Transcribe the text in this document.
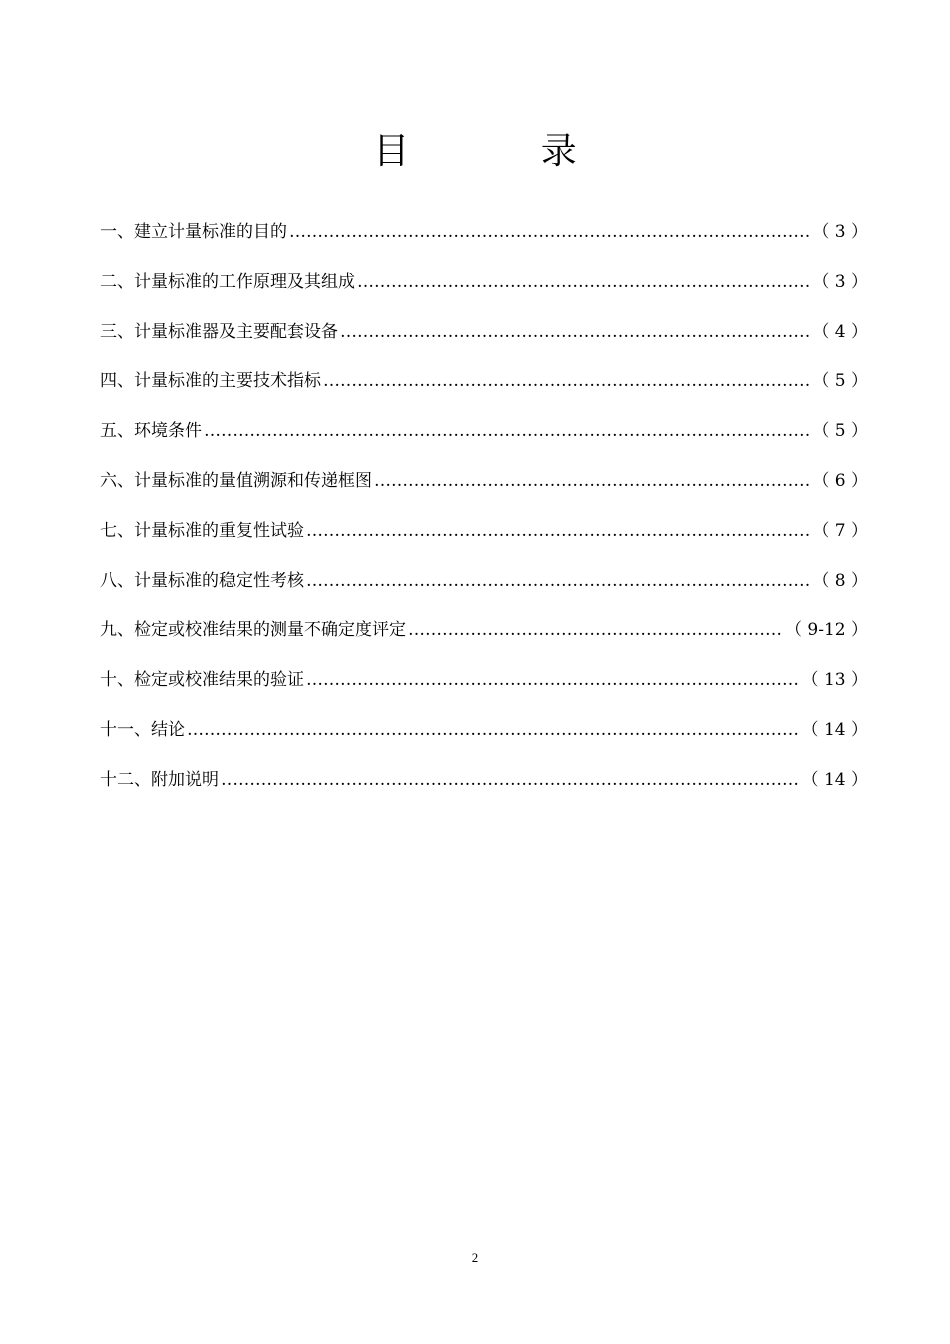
目 录
一、建立计量标准的目的 ………………………………………………………………………………………………………………………………………………	（ 3 ）
二、计量标准的工作原理及其组成 ………………………………………………………………………………………………………………………………………………	（ 3 ）
三、计量标准器及主要配套设备 ………………………………………………………………………………………………………………………………………………	（ 4 ）
四、计量标准的主要技术指标 ………………………………………………………………………………………………………………………………………………	（ 5 ）
五、环境条件 ………………………………………………………………………………………………………………………………………………	（ 5 ）
六、计量标准的量值溯源和传递框图 ………………………………………………………………………………………………………………………………………………	（ 6 ）
七、计量标准的重复性试验 ………………………………………………………………………………………………………………………………………………	（ 7 ）
八、计量标准的稳定性考核 ………………………………………………………………………………………………………………………………………………	（ 8 ）
九、检定或校准结果的测量不确定度评定 ………………………………………………………………………………………………………………………………………………	（ 9-12 ）
十、检定或校准结果的验证 ………………………………………………………………………………………………………………………………………………	（ 13 ）
十一、结论 ………………………………………………………………………………………………………………………………………………	（ 14 ）
十二、附加说明 ………………………………………………………………………………………………………………………………………………	（ 14 ）
2
